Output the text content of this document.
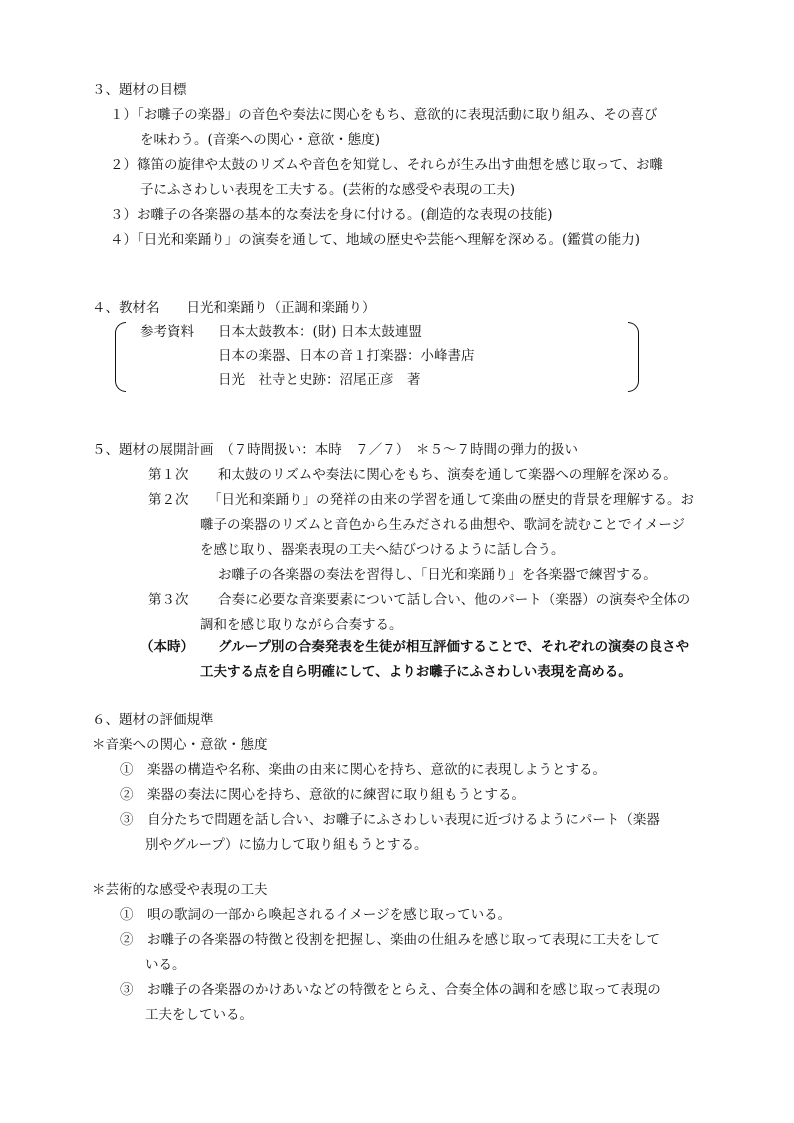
３、題材の目標
１）「お囃子の楽器」の音色や奏法に関心をもち、意欲的に表現活動に取り組み、その喜び
を味わう。(音楽への関心・意欲・態度)
２）篠笛の旋律や太鼓のリズムや音色を知覚し、それらが生み出す曲想を感じ取って、お囃
子にふさわしい表現を工夫する。(芸術的な感受や表現の工夫)
３）お囃子の各楽器の基本的な奏法を身に付ける。(創造的な表現の技能)
４）「日光和楽踊り」の演奏を通して、地域の歴史や芸能へ理解を深める。(鑑賞の能力)
４、教材名　　日光和楽踊り（正調和楽踊り）
参考資料 日本太鼓教本：(財) 日本太鼓連盟
日本の楽器、日本の音１打楽器：小峰書店
日光　社寺と史跡：沼尾正彦　著
５、題材の展開計画　（７時間扱い：本時　７／７）　＊５～７時間の弾力的扱い
第１次 和太鼓のリズムや奏法に関心をもち、演奏を通して楽器への理解を深める。
第２次 「日光和楽踊り」の発祥の由来の学習を通して楽曲の歴史的背景を理解する。お
囃子の楽器のリズムと音色から生みだされる曲想や、歌詞を読むことでイメージ
を感じ取り、器楽表現の工夫へ結びつけるように話し合う。
お囃子の各楽器の奏法を習得し、「日光和楽踊り」を各楽器で練習する。
第３次 合奏に必要な音楽要素について話し合い、他のパート（楽器）の演奏や全体の
調和を感じ取りながら合奏する。
（本時） グループ別の合奏発表を生徒が相互評価することで、それぞれの演奏の良さや
工夫する点を自ら明確にして、よりお囃子にふさわしい表現を高める。
６、題材の評価規準
＊音楽への関心・意欲・態度
①　楽器の構造や名称、楽曲の由来に関心を持ち、意欲的に表現しようとする。
②　楽器の奏法に関心を持ち、意欲的に練習に取り組もうとする。
③　自分たちで問題を話し合い、お囃子にふさわしい表現に近づけるようにパート（楽器
別やグループ）に協力して取り組もうとする。
＊芸術的な感受や表現の工夫
①　唄の歌詞の一部から喚起されるイメージを感じ取っている。
②　お囃子の各楽器の特徴と役割を把握し、楽曲の仕組みを感じ取って表現に工夫をして
いる。
③　お囃子の各楽器のかけあいなどの特徴をとらえ、合奏全体の調和を感じ取って表現の
工夫をしている。
